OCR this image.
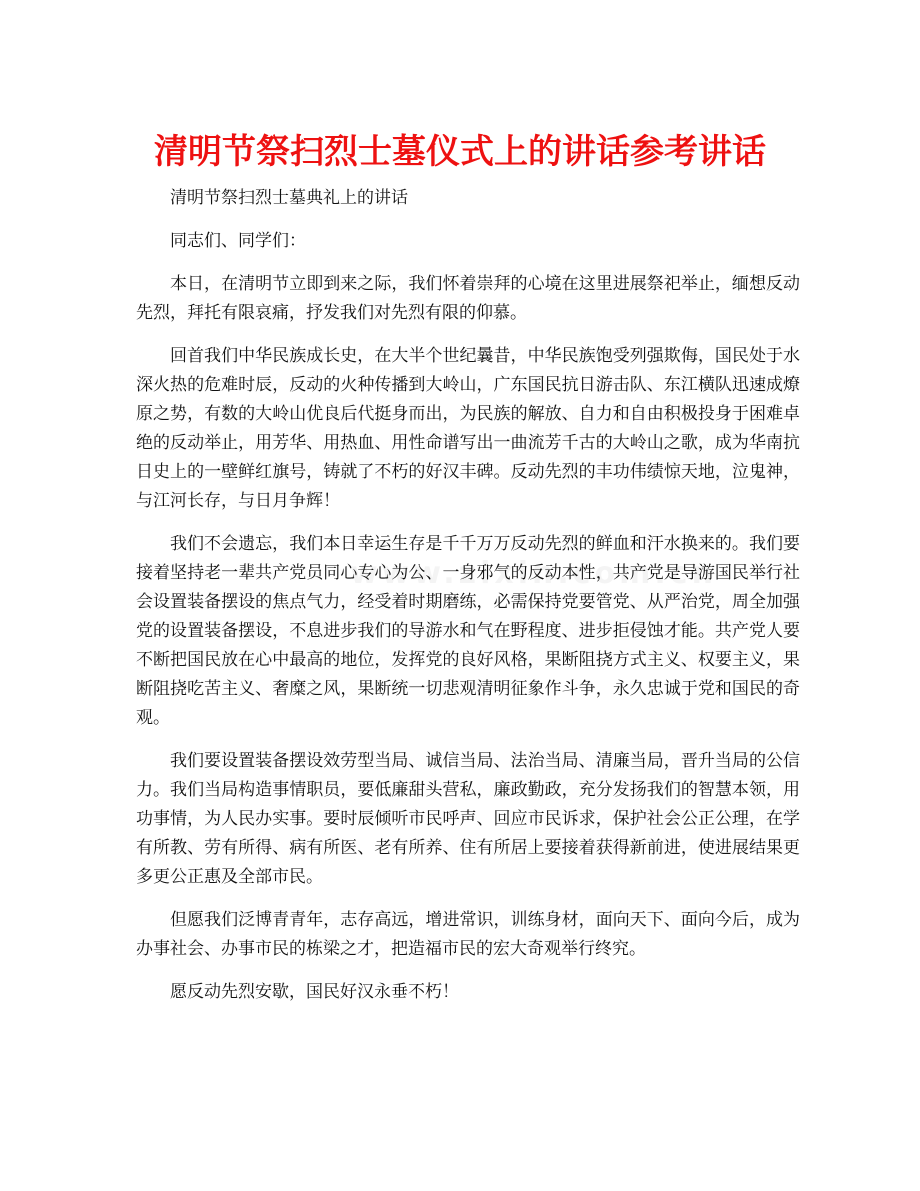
清明节祭扫烈士墓仪式上的讲话参考讲话

清明节祭扫烈士墓典礼上的讲话

同志们、同学们：

本日，在清明节立即到来之际，我们怀着崇拜的心境在这里进展祭祀举止，缅想反动先烈，拜托有限哀痛，抒发我们对先烈有限的仰慕。

回首我们中华民族成长史，在大半个世纪曩昔，中华民族饱受列强欺侮，国民处于水深火热的危难时辰，反动的火种传播到大岭山，广东国民抗日游击队、东江横队迅速成燎原之势，有数的大岭山优良后代挺身而出，为民族的解放、自力和自由积极投身于困难卓绝的反动举止，用芳华、用热血、用性命谱写出一曲流芳千古的大岭山之歌，成为华南抗日史上的一壁鲜红旗号，铸就了不朽的好汉丰碑。反动先烈的丰功伟绩惊天地，泣鬼神，与江河长存，与日月争辉！

我们不会遗忘，我们本日幸运生存是千千万万反动先烈的鲜血和汗水换来的。我们要接着坚持老一辈共产党员同心专心为公、一身邪气的反动本性，共产党是导游国民举行社会设置装备摆设的焦点气力，经受着时期磨练，必需保持党要管党、从严治党，周全加强党的设置装备摆设，不息进步我们的导游水和气在野程度、进步拒侵蚀才能。共产党人要不断把国民放在心中最高的地位，发挥党的良好风格，果断阻挠方式主义、权要主义，果断阻挠吃苦主义、奢糜之风，果断统一切悲观清明征象作斗争，永久忠诚于党和国民的奇观。

我们要设置装备摆设效劳型当局、诚信当局、法治当局、清廉当局，晋升当局的公信力。我们当局构造事情职员，要低廉甜头营私，廉政勤政，充分发扬我们的智慧本领，用功事情，为人民办实事。要时辰倾听市民呼声、回应市民诉求，保护社会公正公理，在学有所教、劳有所得、病有所医、老有所养、住有所居上要接着获得新前进，使进展结果更多更公正惠及全部市民。

但愿我们泛博青青年，志存高远，增进常识，训练身材，面向天下、面向今后，成为办事社会、办事市民的栋梁之才，把造福市民的宏大奇观举行终究。

愿反动先烈安歇，国民好汉永垂不朽！
